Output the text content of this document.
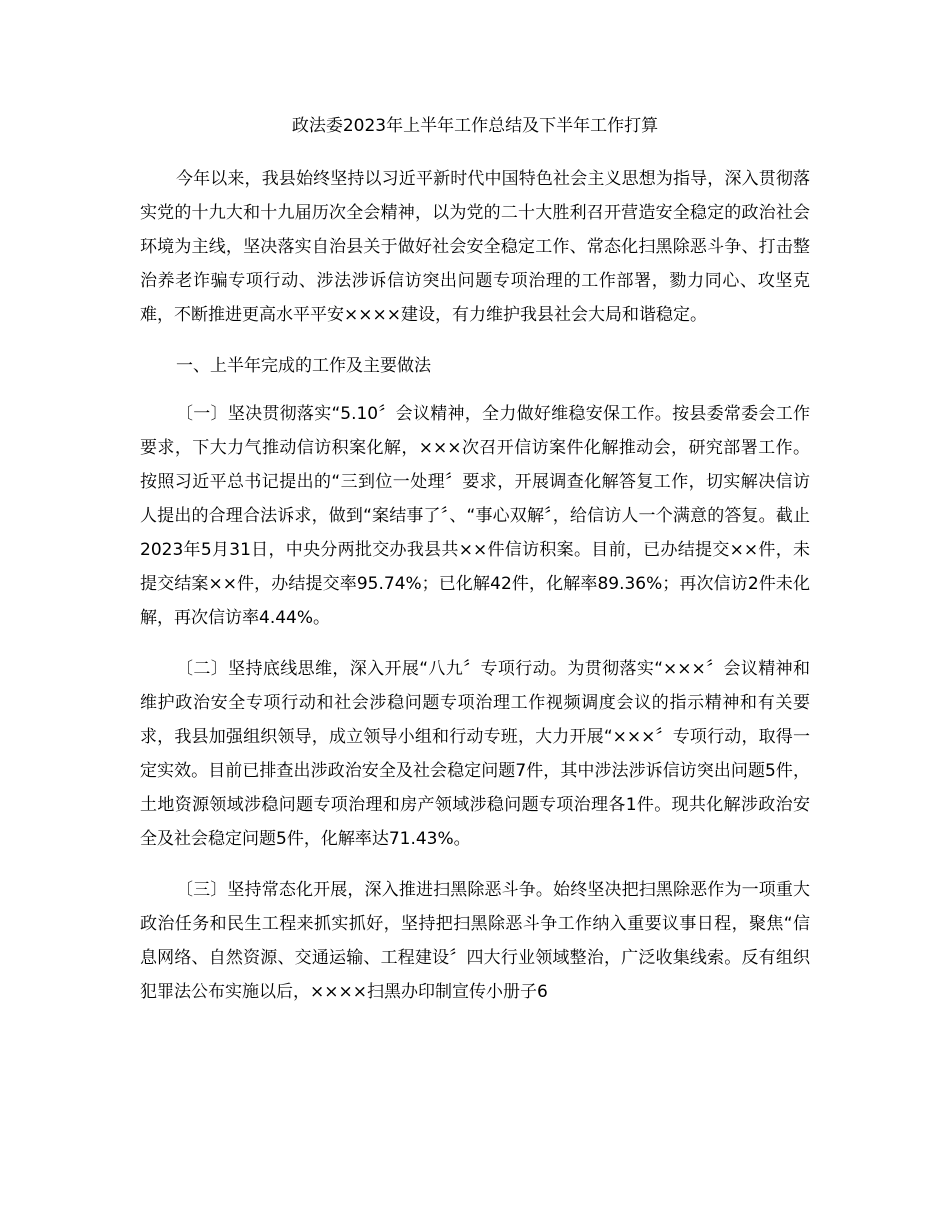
政法委2023年上半年工作总结及下半年工作打算

今年以来，我县始终坚持以习近平新时代中国特色社会主义思想为指导，深入贯彻落实党的十九大和十九届历次全会精神，以为党的二十大胜利召开营造安全稳定的政治社会环境为主线，坚决落实自治县关于做好社会安全稳定工作、常态化扫黑除恶斗争、打击整治养老诈骗专项行动、涉法涉诉信访突出问题专项治理的工作部署，勠力同心、攻坚克难，不断推进更高水平平安××××建设，有力维护我县社会大局和谐稳定。

一、上半年完成的工作及主要做法

〔一〕坚决贯彻落实“5.10〞会议精神，全力做好维稳安保工作。按县委常委会工作要求，下大力气推动信访积案化解，×××次召开信访案件化解推动会，研究部署工作。按照习近平总书记提出的“三到位一处理〞要求，开展调查化解答复工作，切实解决信访人提出的合理合法诉求，做到“案结事了〞、“事心双解〞，给信访人一个满意的答复。截止2023年5月31日，中央分两批交办我县共××件信访积案。目前，已办结提交××件，未提交结案××件，办结提交率95.74%；已化解42件，化解率89.36%；再次信访2件未化解，再次信访率4.44%。

〔二〕坚持底线思维，深入开展“八九〞专项行动。为贯彻落实“×××〞会议精神和维护政治安全专项行动和社会涉稳问题专项治理工作视频调度会议的指示精神和有关要求，我县加强组织领导，成立领导小组和行动专班，大力开展“×××〞专项行动，取得一定实效。目前已排查出涉政治安全及社会稳定问题7件，其中涉法涉诉信访突出问题5件，土地资源领域涉稳问题专项治理和房产领域涉稳问题专项治理各1件。现共化解涉政治安全及社会稳定问题5件，化解率达71.43%。

〔三〕坚持常态化开展，深入推进扫黑除恶斗争。始终坚决把扫黑除恶作为一项重大政治任务和民生工程来抓实抓好，坚持把扫黑除恶斗争工作纳入重要议事日程，聚焦“信息网络、自然资源、交通运输、工程建设〞四大行业领域整治，广泛收集线索。反有组织犯罪法公布实施以后，××××扫黑办印制宣传小册子6
